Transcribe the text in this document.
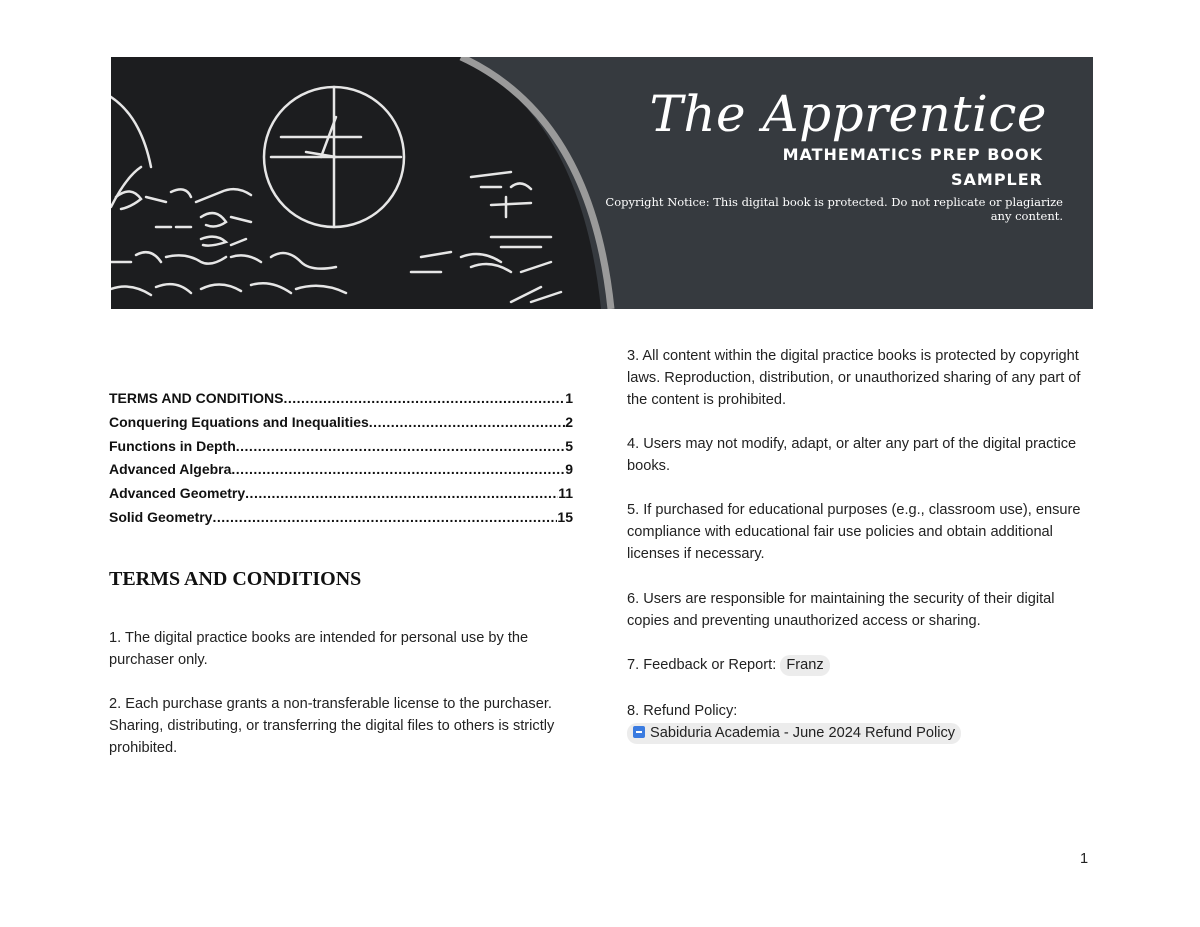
The Apprentice
MATHEMATICS PREP BOOK
SAMPLER
Copyright Notice: This digital book is protected. Do not replicate or plagiarize any content.
TERMS AND CONDITIONS .....	1
Conquering Equations and Inequalities .....	2
Functions in Depth .....	5
Advanced Algebra .....	9
Advanced Geometry .....	11
Solid Geometry .....	15
TERMS AND CONDITIONS
1. The digital practice books are intended for personal use by the purchaser only.
2. Each purchase grants a non-transferable license to the purchaser. Sharing, distributing, or transferring the digital files to others is strictly prohibited.
3. All content within the digital practice books is protected by copyright laws. Reproduction, distribution, or unauthorized sharing of any part of the content is prohibited.
4. Users may not modify, adapt, or alter any part of the digital practice books.
5. If purchased for educational purposes (e.g., classroom use), ensure compliance with educational fair use policies and obtain additional licenses if necessary.
6. Users are responsible for maintaining the security of their digital copies and preventing unauthorized access or sharing.
7. Feedback or Report: Franz
8. Refund Policy:
Sabiduria Academia - June 2024 Refund Policy
1
